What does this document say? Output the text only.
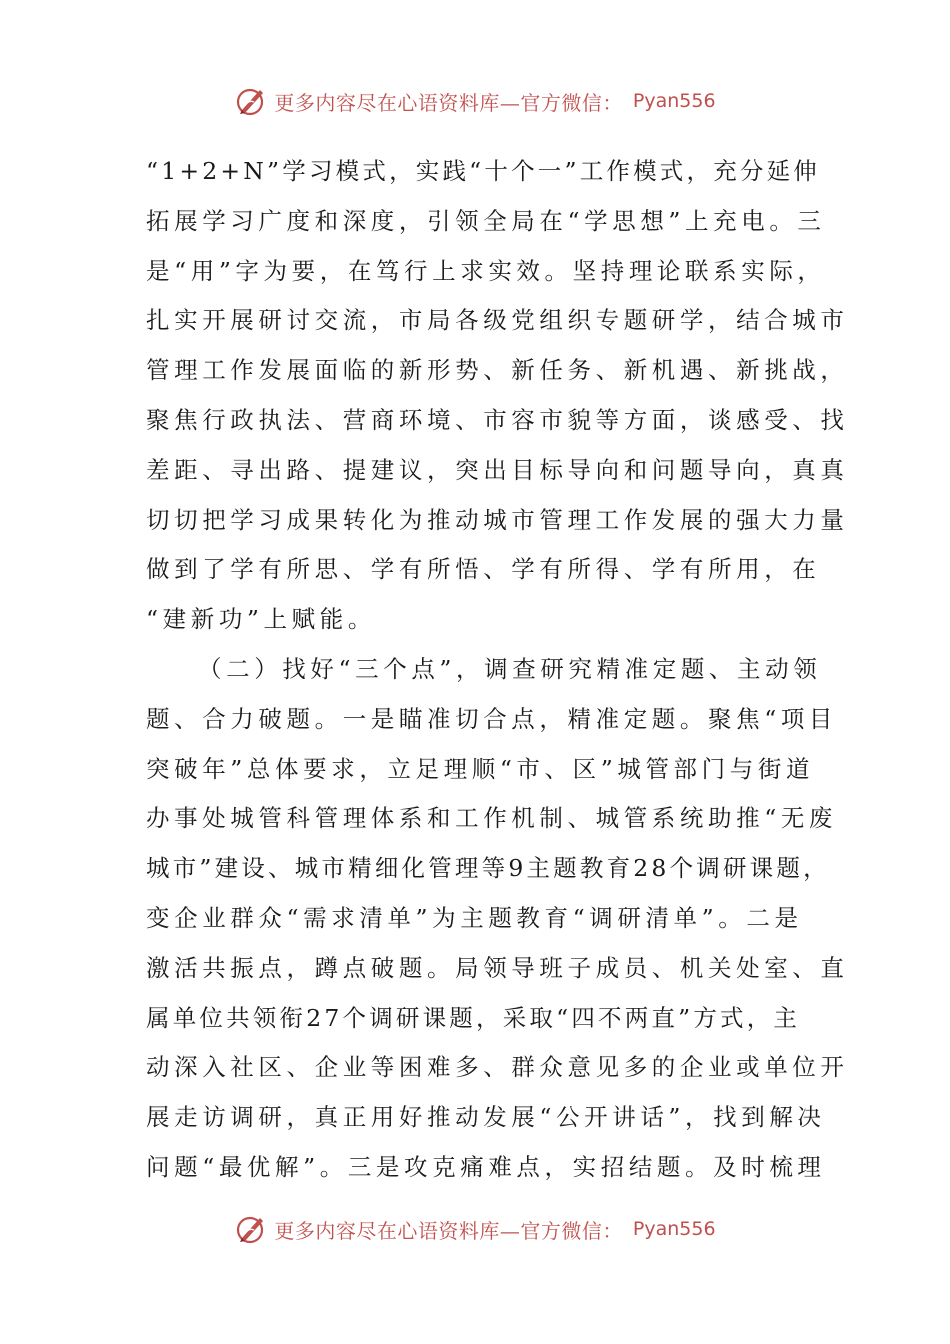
更多内容尽在心语资料库—官方微信： Pyan556
“1+2+N”学习模式，实践“十个一”工作模式，充分延伸
拓展学习广度和深度，引领全局在“学思想”上充电。三
是“用”字为要，在笃行上求实效。坚持理论联系实际，
扎实开展研讨交流，市局各级党组织专题研学，结合城市
管理工作发展面临的新形势、新任务、新机遇、新挑战，
聚焦行政执法、营商环境、市容市貌等方面，谈感受、找
差距、寻出路、提建议，突出目标导向和问题导向，真真
切切把学习成果转化为推动城市管理工作发展的强大力量
做到了学有所思、学有所悟、学有所得、学有所用，在
“建新功”上赋能。
（二）找好“三个点”，调查研究精准定题、主动领
题、合力破题。一是瞄准切合点，精准定题。聚焦“项目
突破年”总体要求，立足理顺“市、区”城管部门与街道
办事处城管科管理体系和工作机制、城管系统助推“无废
城市”建设、城市精细化管理等9主题教育28个调研课题，
变企业群众“需求清单”为主题教育“调研清单”。二是
激活共振点，蹲点破题。局领导班子成员、机关处室、直
属单位共领衔27个调研课题，采取“四不两直”方式，主
动深入社区、企业等困难多、群众意见多的企业或单位开
展走访调研，真正用好推动发展“公开讲话”，找到解决
问题“最优解”。三是攻克痛难点，实招结题。及时梳理
更多内容尽在心语资料库—官方微信： Pyan556
